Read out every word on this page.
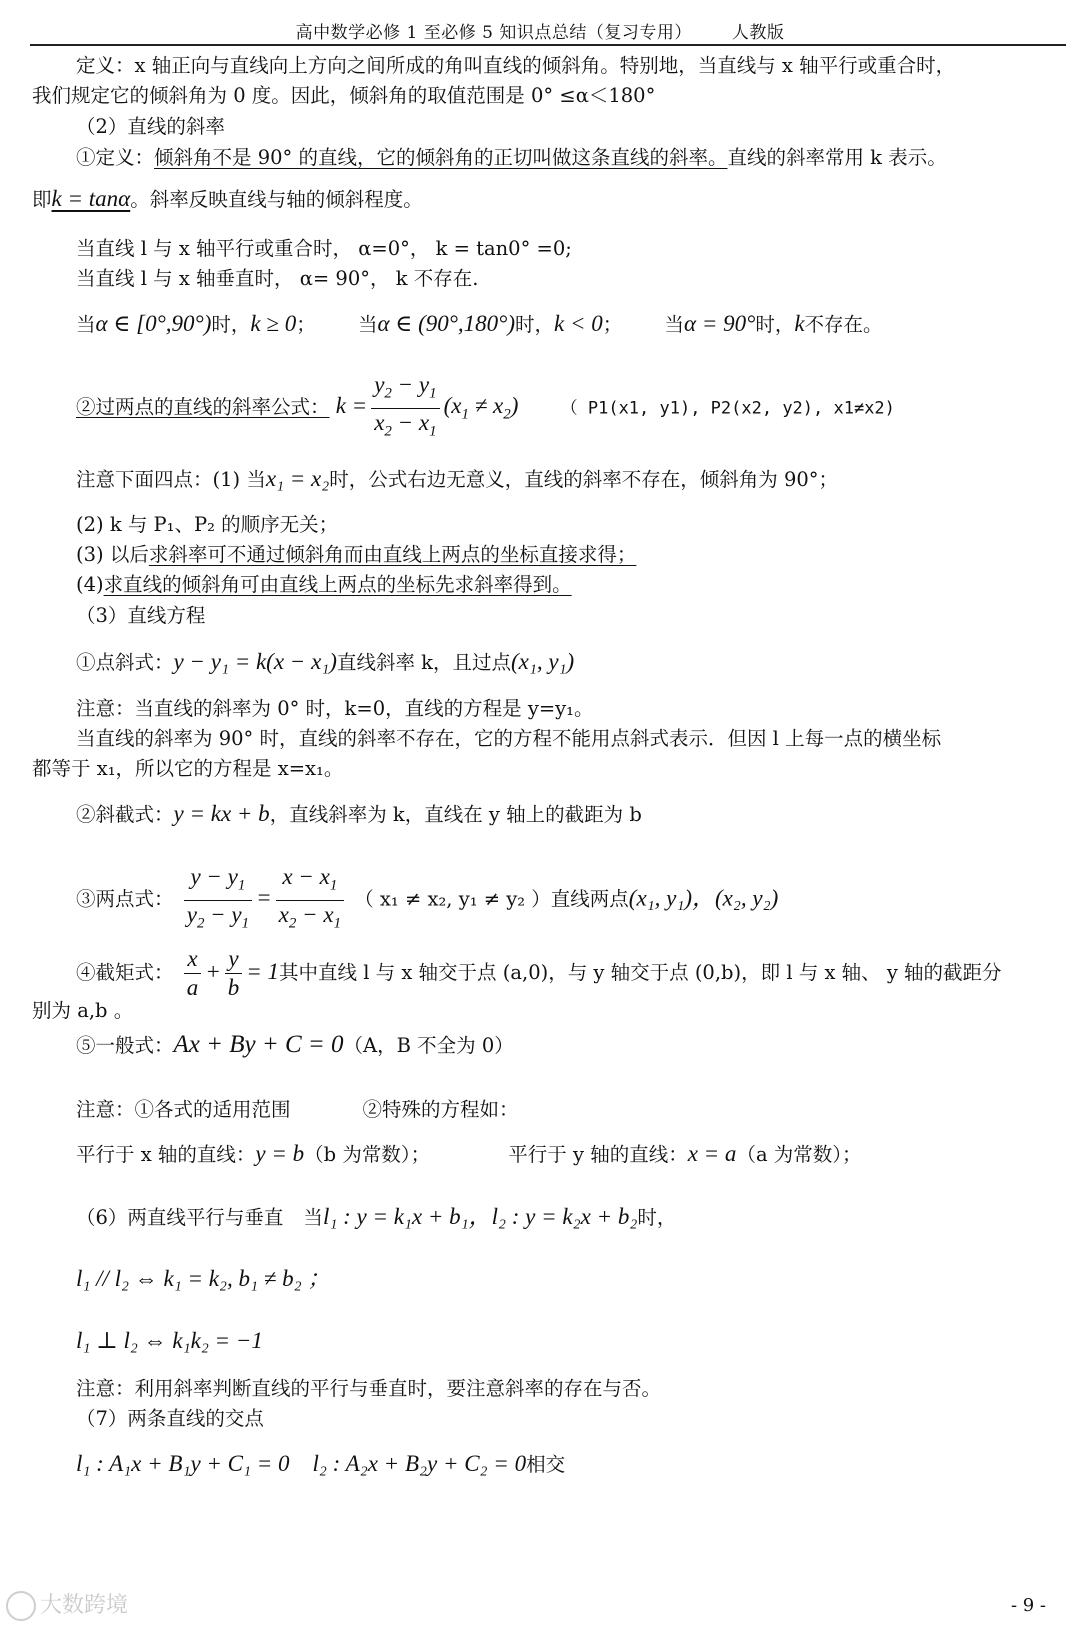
高中数学必修 1 至必修 5 知识点总结（复习专用） 人教版
定义：x 轴正向与直线向上方向之间所成的角叫直线的倾斜角。特别地，当直线与 x 轴平行或重合时，
我们规定它的倾斜角为 0 度。因此，倾斜角的取值范围是 0° ≤α＜180°
（2）直线的斜率
①定义：倾斜角不是 90° 的直线，它的倾斜角的正切叫做这条直线的斜率。直线的斜率常用 k 表示。
即k = tanα。斜率反映直线与轴的倾斜程度。
当直线 l 与 x 轴平行或重合时， α=0°， k = tan0° =0;
当直线 l 与 x 轴垂直时， α= 90°， k 不存在.
当α ∈ [0°,90°)时，k ≥ 0； 当α ∈ (90°,180°)时，k < 0； 当α = 90°时，k不存在。
②过两点的直线的斜率公式： $k = \frac{y_2 - y_1}{x_2 - x_1} (x_1 \ne x_2)$ （ P1(x1, y1), P2(x2, y2), x1≠x2)
注意下面四点：(1) 当x₁ = x₂时，公式右边无意义，直线的斜率不存在，倾斜角为 90°；
(2) k 与 P₁、P₂ 的顺序无关；
(3) 以后求斜率可不通过倾斜角而由直线上两点的坐标直接求得；
(4)求直线的倾斜角可由直线上两点的坐标先求斜率得到。
（3）直线方程
①点斜式：y − y₁ = k(x − x₁)直线斜率 k，且过点(x₁, y₁)
注意：当直线的斜率为 0° 时，k=0，直线的方程是 y=y₁。
当直线的斜率为 90° 时，直线的斜率不存在，它的方程不能用点斜式表示．但因 l 上每一点的横坐标
都等于 x₁，所以它的方程是 x=x₁。
②斜截式：y = kx + b，直线斜率为 k，直线在 y 轴上的截距为 b
③两点式： $\frac{y - y_1}{y_2 - y_1} = \frac{x - x_1}{x_2 - x_1}$ （ x₁ ≠ x₂, y₁ ≠ y₂ ）直线两点(x₁, y₁)，(x₂, y₂)
④截矩式： $\frac{x}{a} + \frac{y}{b} = 1$其中直线 l 与 x 轴交于点 (a,0)，与 y 轴交于点 (0,b)，即 l 与 x 轴、 y 轴的截距分
别为 a,b 。
⑤一般式：Ax + By + C = 0（A，B 不全为 0）
注意：①各式的适用范围	②特殊的方程如：
平行于 x 轴的直线：y = b（b 为常数）；	平行于 y 轴的直线：x = a（a 为常数）；
（6）两直线平行与垂直 当l₁ : y = k₁x + b₁，l₂ : y = k₂x + b₂时，
l₁ // l₂ ⇔ k₁ = k₂, b₁ ≠ b₂ ；
l₁ ⊥ l₂ ⇔ k₁k₂ = −1
注意：利用斜率判断直线的平行与垂直时，要注意斜率的存在与否。
（7）两条直线的交点
l₁ : A₁x + B₁y + C₁ = 0    l₂ : A₂x + B₂y + C₂ = 0相交
大数跨境	- 9 -
